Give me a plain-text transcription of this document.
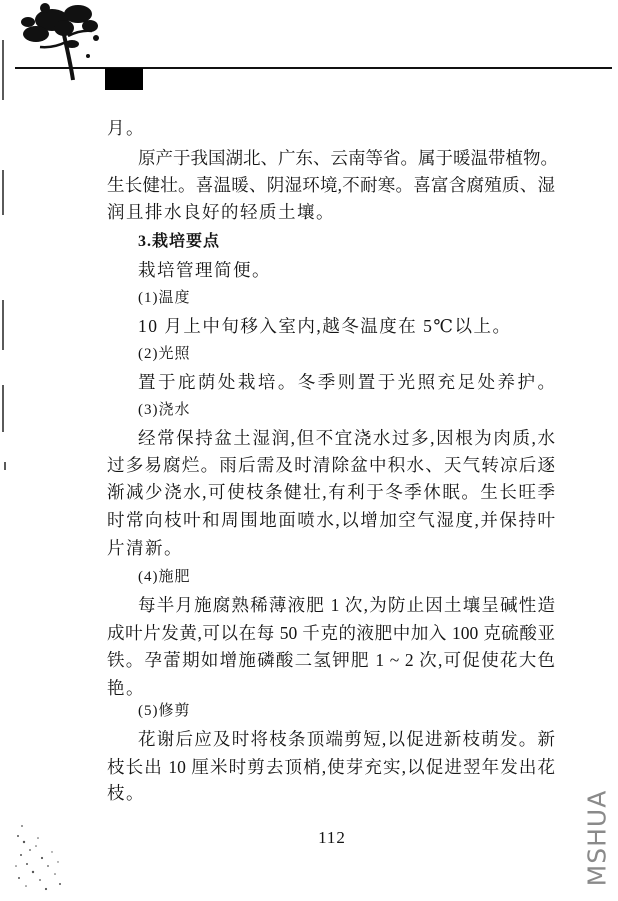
月。
原产于我国湖北、广东、云南等省。属于暖温带植物。
生长健壮。喜温暖、阴湿环境,不耐寒。喜富含腐殖质、湿
润且排水良好的轻质土壤。
3.栽培要点
栽培管理简便。
(1)温度
10 月上中旬移入室内,越冬温度在 5℃以上。
(2)光照
置于庇荫处栽培。冬季则置于光照充足处养护。
(3)浇水
经常保持盆土湿润,但不宜浇水过多,因根为肉质,水
过多易腐烂。雨后需及时清除盆中积水、天气转凉后逐
渐减少浇水,可使枝条健壮,有利于冬季休眠。生长旺季
时常向枝叶和周围地面喷水,以增加空气湿度,并保持叶
片清新。
(4)施肥
每半月施腐熟稀薄液肥 1 次,为防止因土壤呈碱性造
成叶片发黄,可以在每 50 千克的液肥中加入 100 克硫酸亚
铁。孕蕾期如增施磷酸二氢钾肥 1 ~ 2 次,可促使花大色
艳。
(5)修剪
花谢后应及时将枝条顶端剪短,以促进新枝萌发。新
枝长出 10 厘米时剪去顶梢,使芽充实,以促进翌年发出花
枝。
112	MSHUA
